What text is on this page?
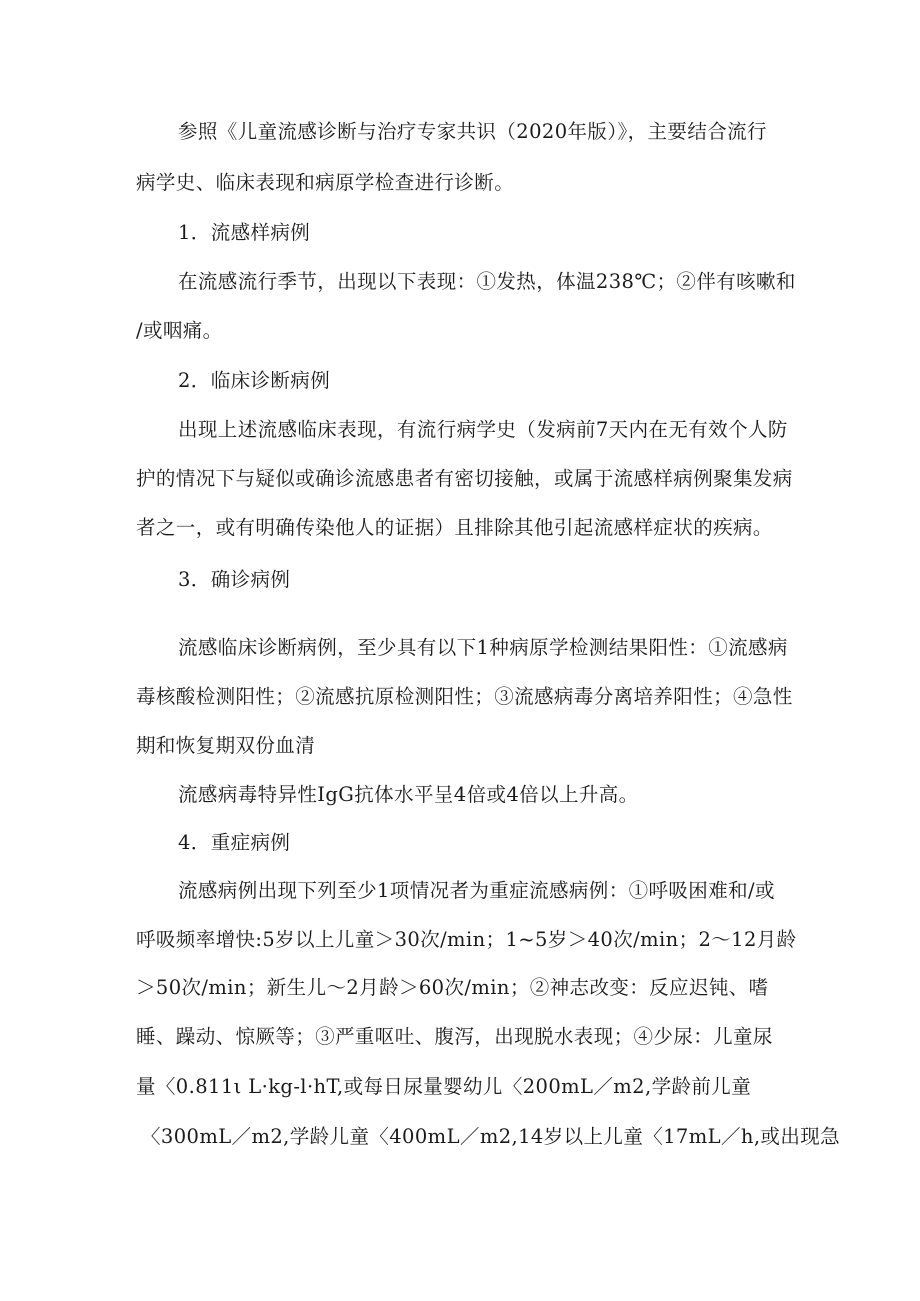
参照《儿童流感诊断与治疗专家共识（2020年版）》，主要结合流行
病学史、临床表现和病原学检查进行诊断。
1．流感样病例
在流感流行季节，出现以下表现：①发热，体温238℃；②伴有咳嗽和
/或咽痛。
2．临床诊断病例
出现上述流感临床表现，有流行病学史（发病前7天内在无有效个人防
护的情况下与疑似或确诊流感患者有密切接触，或属于流感样病例聚集发病
者之一，或有明确传染他人的证据）且排除其他引起流感样症状的疾病。
3．确诊病例
流感临床诊断病例，至少具有以下1种病原学检测结果阳性：①流感病
毒核酸检测阳性；②流感抗原检测阳性；③流感病毒分离培养阳性；④急性
期和恢复期双份血清
流感病毒特异性IgG抗体水平呈4倍或4倍以上升高。
4．重症病例
流感病例出现下列至少1项情况者为重症流感病例：①呼吸困难和/或
呼吸频率增快:5岁以上儿童＞30次/min；1~5岁＞40次/min；2～12月龄
＞50次/min；新生儿～2月龄＞60次/min；②神志改变：反应迟钝、嗜
睡、躁动、惊厥等；③严重呕吐、腹泻，出现脱水表现；④少尿：儿童尿
量〈0.811ι L·kg-l·hT,或每日尿量婴幼儿〈200mL／m2,学龄前儿童
〈300mL／m2,学龄儿童〈400mL／m2,14岁以上儿童〈17mL／h,或出现急
